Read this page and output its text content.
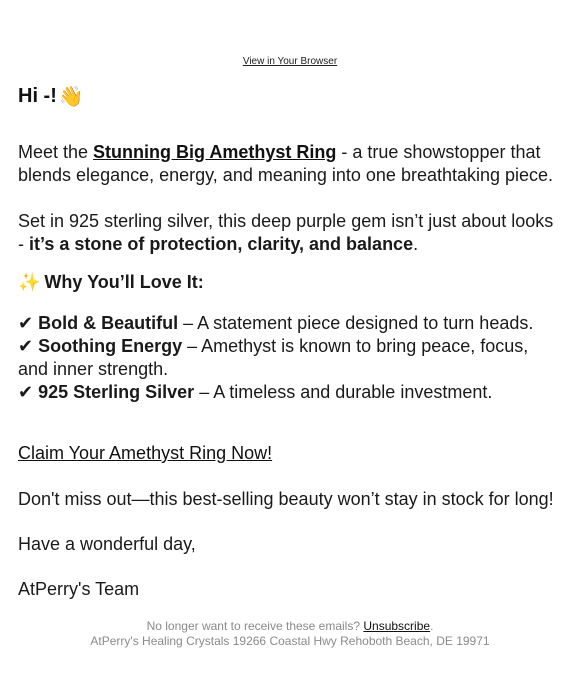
View in Your Browser
Hi -! 👋
Meet the Stunning Big Amethyst Ring - a true showstopper that blends elegance, energy, and meaning into one breathtaking piece.
Set in 925 sterling silver, this deep purple gem isn’t just about looks - it’s a stone of protection, clarity, and balance.
✨ Why You’ll Love It:
✔ Bold & Beautiful – A statement piece designed to turn heads.
✔ Soothing Energy – Amethyst is known to bring peace, focus, and inner strength.
✔ 925 Sterling Silver – A timeless and durable investment.
Claim Your Amethyst Ring Now!
Don't miss out—this best-selling beauty won’t stay in stock for long!
Have a wonderful day,
AtPerry's Team
No longer want to receive these emails? Unsubscribe.
AtPerry's Healing Crystals 19266 Coastal Hwy Rehoboth Beach, DE 19971
